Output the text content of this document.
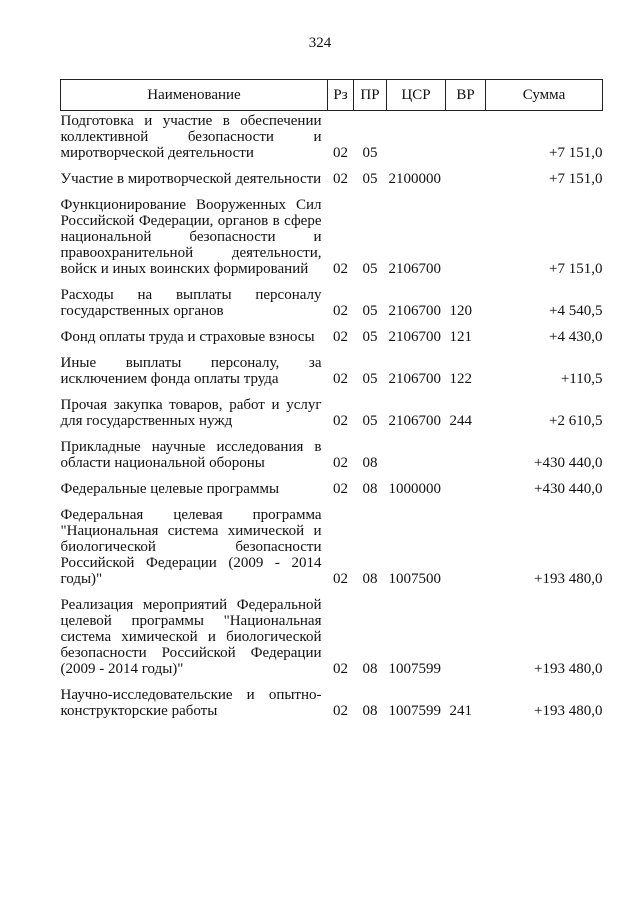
324
Наименование	Рз	ПР	ЦСР	ВР	Сумма
Подготовка и участие в обеспечении коллективной безопасности и миротворческой деятельности	02	05			+7 151,0
Участие в миротворческой деятельности	02	05	2100000		+7 151,0
Функционирование Вооруженных Сил Российской Федерации, органов в сфере национальной безопасности и правоохранительной деятельности, войск и иных воинских формирований	02	05	2106700		+7 151,0
Расходы на выплаты персоналу государственных органов	02	05	2106700	120	+4 540,5
Фонд оплаты труда и страховые взносы	02	05	2106700	121	+4 430,0
Иные выплаты персоналу, за исключением фонда оплаты труда	02	05	2106700	122	+110,5
Прочая закупка товаров, работ и услуг для государственных нужд	02	05	2106700	244	+2 610,5
Прикладные научные исследования в области национальной обороны	02	08			+430 440,0
Федеральные целевые программы	02	08	1000000		+430 440,0
Федеральная целевая программа "Национальная система химической и биологической безопасности Российской Федерации (2009 - 2014 годы)"	02	08	1007500		+193 480,0
Реализация мероприятий Федеральной целевой программы "Национальная система химической и биологической безопасности Российской Федерации (2009 - 2014 годы)"	02	08	1007599		+193 480,0
Научно-исследовательские и опытно-конструкторские работы	02	08	1007599	241	+193 480,0
